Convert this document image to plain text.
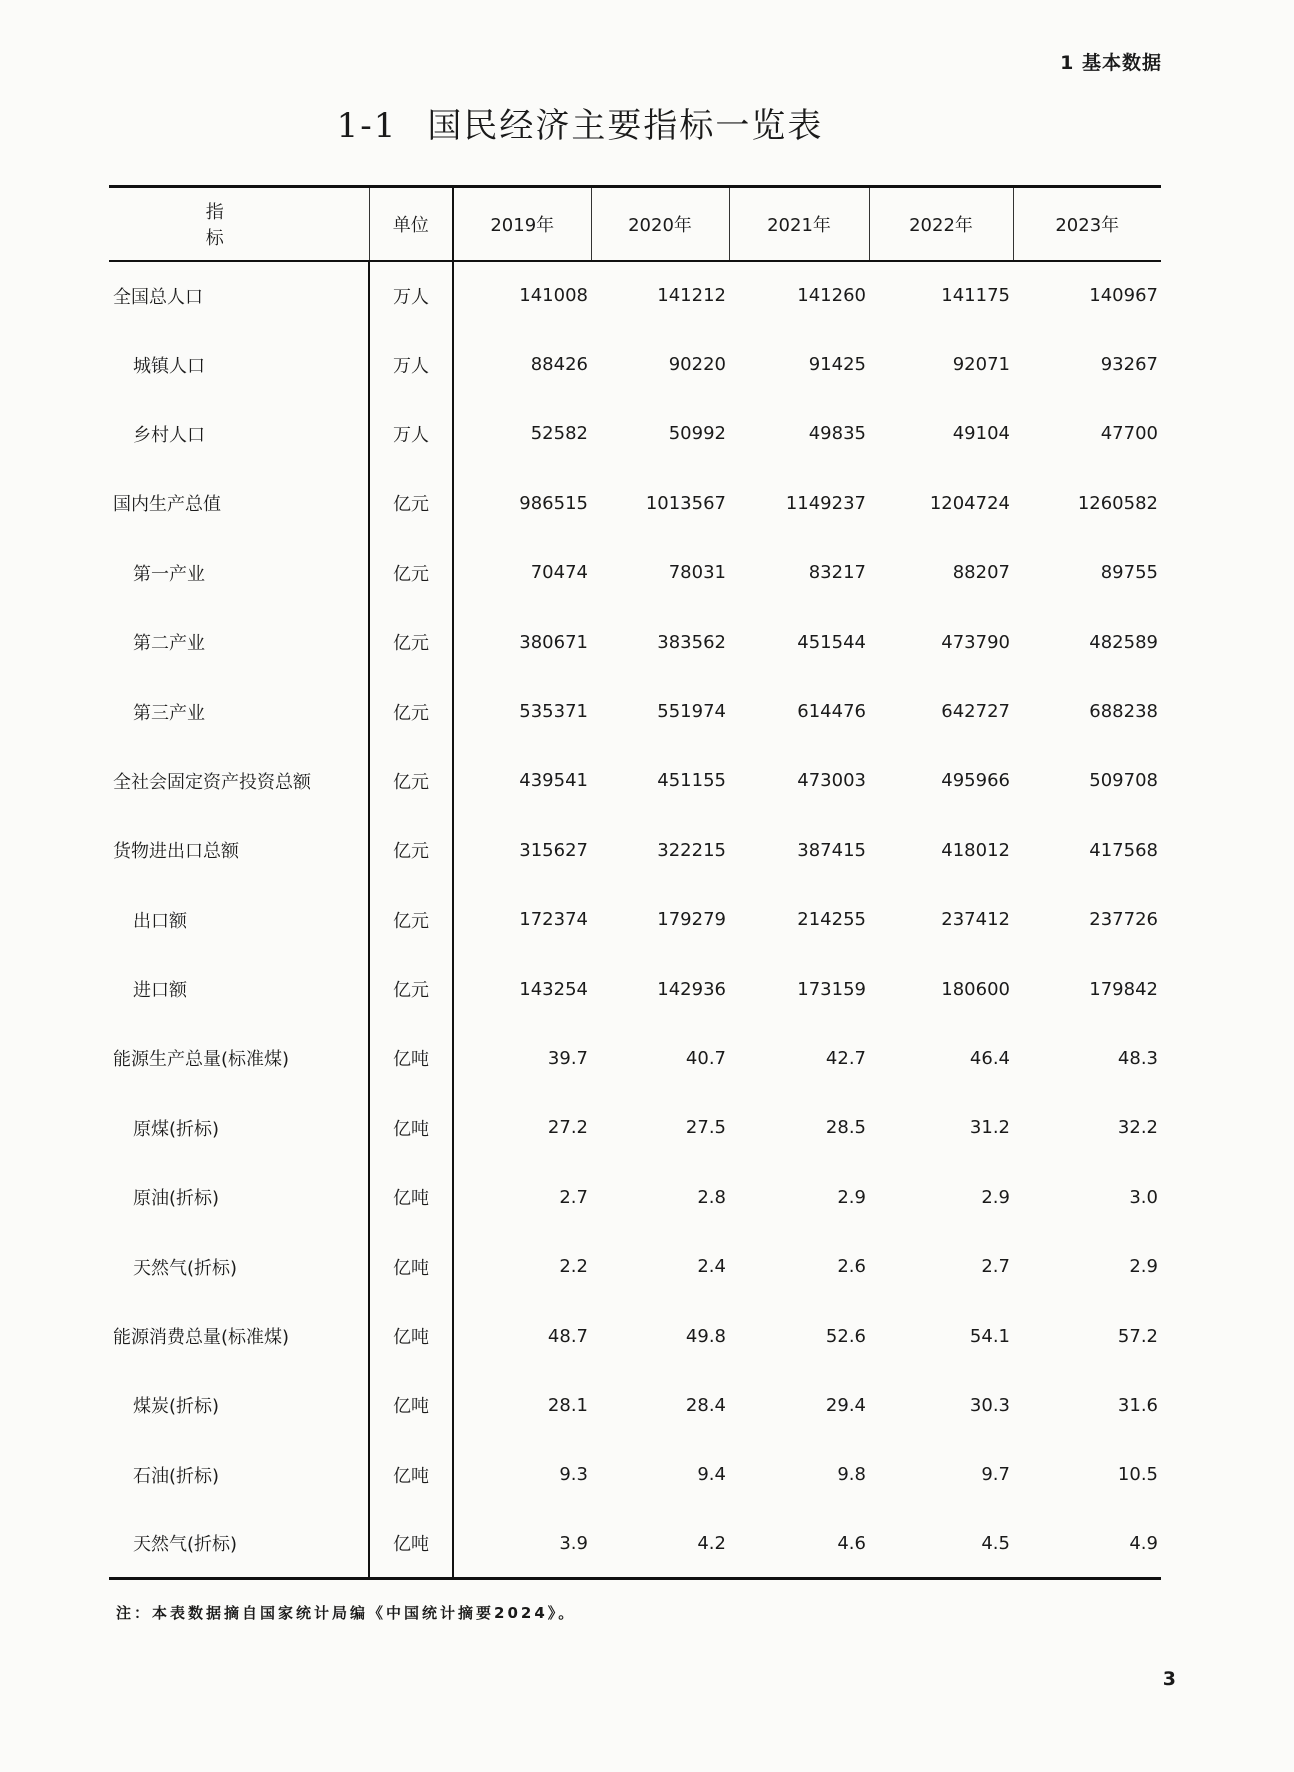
1 基本数据
1-1 国民经济主要指标一览表
指　　标	单位	2019年	2020年	2021年	2022年	2023年
全国总人口	万人	141008	141212	141260	141175	140967
城镇人口	万人	88426	90220	91425	92071	93267
乡村人口	万人	52582	50992	49835	49104	47700
国内生产总值	亿元	986515	1013567	1149237	1204724	1260582
第一产业	亿元	70474	78031	83217	88207	89755
第二产业	亿元	380671	383562	451544	473790	482589
第三产业	亿元	535371	551974	614476	642727	688238
全社会固定资产投资总额	亿元	439541	451155	473003	495966	509708
货物进出口总额	亿元	315627	322215	387415	418012	417568
出口额	亿元	172374	179279	214255	237412	237726
进口额	亿元	143254	142936	173159	180600	179842
能源生产总量(标准煤)	亿吨	39.7	40.7	42.7	46.4	48.3
原煤(折标)	亿吨	27.2	27.5	28.5	31.2	32.2
原油(折标)	亿吨	2.7	2.8	2.9	2.9	3.0
天然气(折标)	亿吨	2.2	2.4	2.6	2.7	2.9
能源消费总量(标准煤)	亿吨	48.7	49.8	52.6	54.1	57.2
煤炭(折标)	亿吨	28.1	28.4	29.4	30.3	31.6
石油(折标)	亿吨	9.3	9.4	9.8	9.7	10.5
天然气(折标)	亿吨	3.9	4.2	4.6	4.5	4.9
注：本表数据摘自国家统计局编《中国统计摘要2024》。
3
